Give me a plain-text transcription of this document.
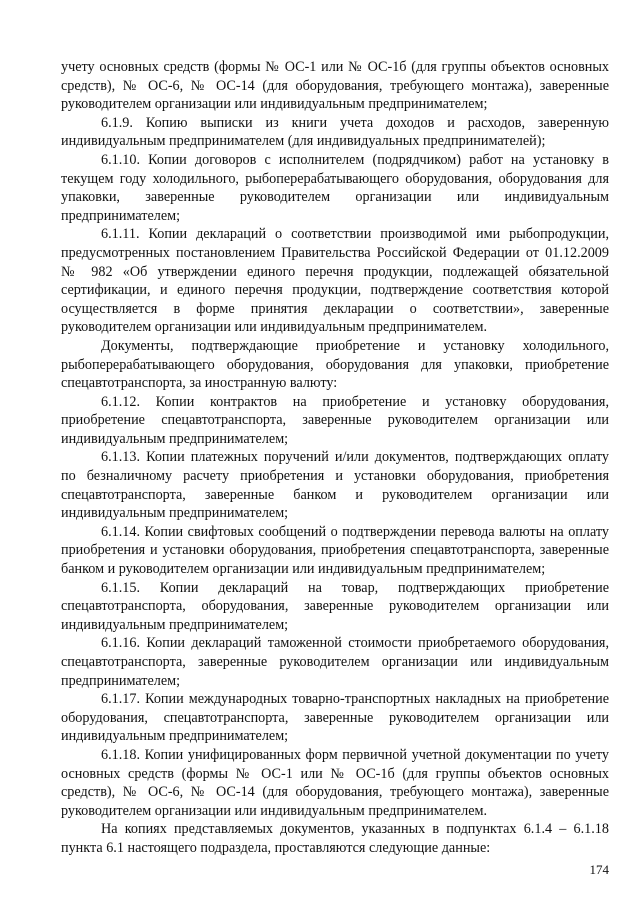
учету основных средств (формы № ОС-1 или № ОС-1б (для группы объектов основных средств), № ОС-6, № ОС-14 (для оборудования, требующего монтажа), заверенные руководителем организации или индивидуальным предпринимателем;

6.1.9. Копию выписки из книги учета доходов и расходов, заверенную индивидуальным предпринимателем (для индивидуальных предпринимателей);

6.1.10. Копии договоров с исполнителем (подрядчиком) работ на установку в текущем году холодильного, рыбоперерабатывающего оборудования, оборудования для упаковки, заверенные руководителем организации или индивидуальным предпринимателем;

6.1.11. Копии деклараций о соответствии производимой ими рыбопродукции, предусмотренных постановлением Правительства Российской Федерации от 01.12.2009 № 982 «Об утверждении единого перечня продукции, подлежащей обязательной сертификации, и единого перечня продукции, подтверждение соответствия которой осуществляется в форме принятия декларации о соответствии», заверенные руководителем организации или индивидуальным предпринимателем.

Документы, подтверждающие приобретение и установку холодильного, рыбоперерабатывающего оборудования, оборудования для упаковки, приобретение спецавтотранспорта, за иностранную валюту:

6.1.12. Копии контрактов на приобретение и установку оборудования, приобретение спецавтотранспорта, заверенные руководителем организации или индивидуальным предпринимателем;

6.1.13. Копии платежных поручений и/или документов, подтверждающих оплату по безналичному расчету приобретения и установки оборудования, приобретения спецавтотранспорта, заверенные банком и руководителем организации или индивидуальным предпринимателем;

6.1.14. Копии свифтовых сообщений о подтверждении перевода валюты на оплату приобретения и установки оборудования, приобретения спецавтотранспорта, заверенные банком и руководителем организации или индивидуальным предпринимателем;

6.1.15. Копии деклараций на товар, подтверждающих приобретение спецавтотранспорта, оборудования, заверенные руководителем организации или индивидуальным предпринимателем;

6.1.16. Копии деклараций таможенной стоимости приобретаемого оборудования, спецавтотранспорта, заверенные руководителем организации или индивидуальным предпринимателем;

6.1.17. Копии международных товарно-транспортных накладных на приобретение оборудования, спецавтотранспорта, заверенные руководителем организации или индивидуальным предпринимателем;

6.1.18. Копии унифицированных форм первичной учетной документации по учету основных средств (формы № ОС-1 или № ОС-1б (для группы объектов основных средств), № ОС-6, № ОС-14 (для оборудования, требующего монтажа), заверенные руководителем организации или индивидуальным предпринимателем.

На копиях представляемых документов, указанных в подпунктах 6.1.4 – 6.1.18 пункта 6.1 настоящего подраздела, проставляются следующие данные:

174
